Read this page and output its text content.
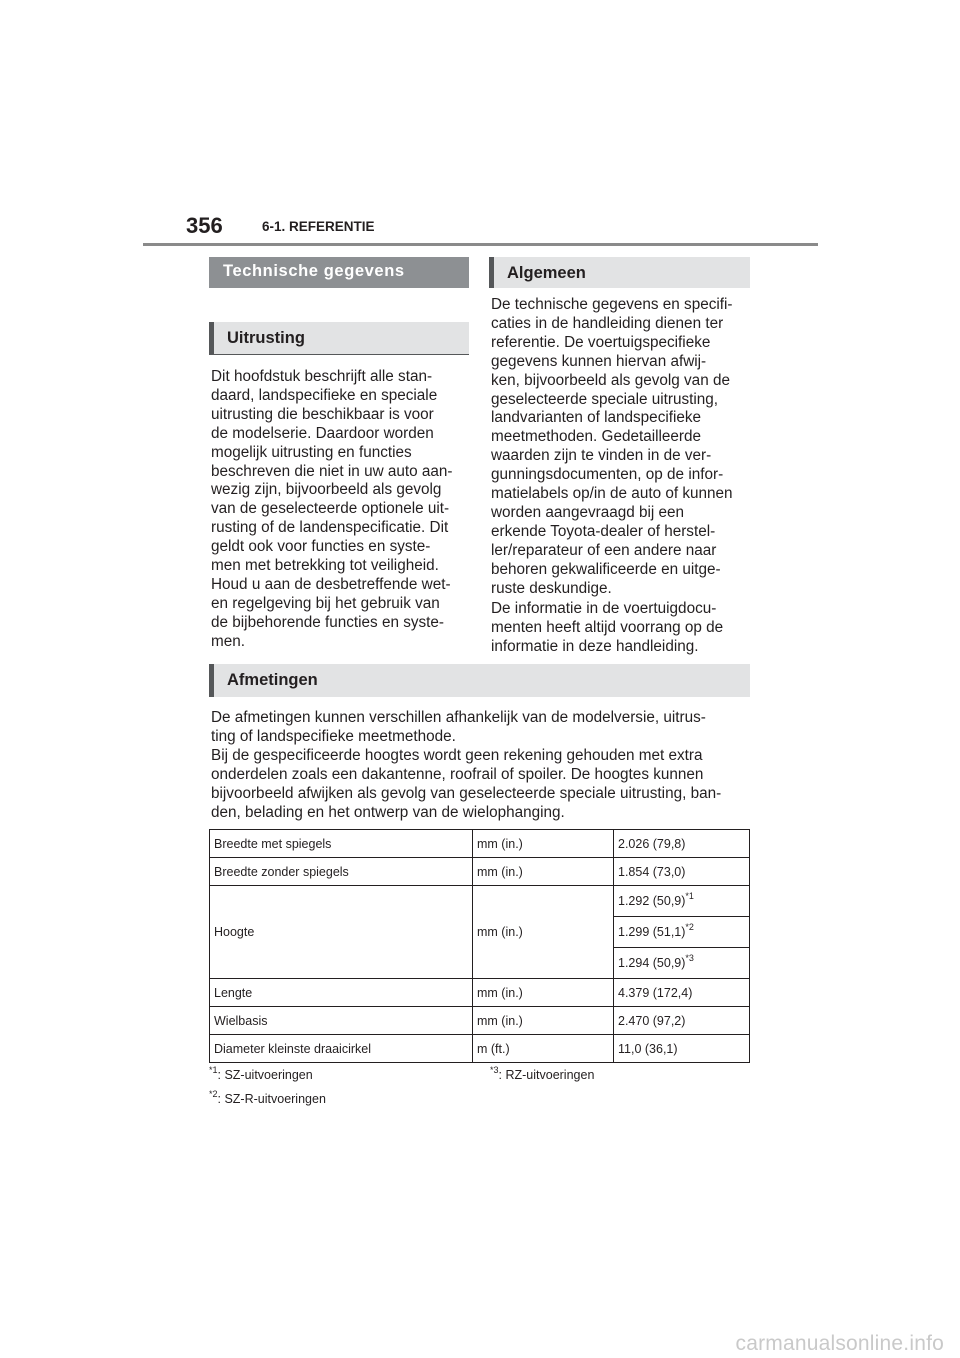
356	6-1. REFERENTIE
Technische gegevens
Uitrusting

Dit hoofdstuk beschrijft alle stan-
daard, landspecifieke en speciale
uitrusting die beschikbaar is voor
de modelserie. Daardoor worden
mogelijk uitrusting en functies
beschreven die niet in uw auto aan-
wezig zijn, bijvoorbeeld als gevolg
van de geselecteerde optionele uit-
rusting of de landenspecificatie. Dit
geldt ook voor functies en syste-
men met betrekking tot veiligheid.
Houd u aan de desbetreffende wet-
en regelgeving bij het gebruik van
de bijbehorende functies en syste-
men.

Algemeen

De technische gegevens en specifi-
caties in de handleiding dienen ter
referentie. De voertuigspecifieke
gegevens kunnen hiervan afwij-
ken, bijvoorbeeld als gevolg van de
geselecteerde speciale uitrusting,
landvarianten of landspecifieke
meetmethoden. Gedetailleerde
waarden zijn te vinden in de ver-
gunningsdocumenten, op de infor-
matielabels op/in de auto of kunnen
worden aangevraagd bij een
erkende Toyota-dealer of herstel-
ler/reparateur of een andere naar
behoren gekwalificeerde en uitge-
ruste deskundige.

De informatie in de voertuigdocu-
menten heeft altijd voorrang op de
informatie in deze handleiding.

Afmetingen

De afmetingen kunnen verschillen afhankelijk van de modelversie, uitrus-
ting of landspecifieke meetmethode.

Bij de gespecificeerde hoogtes wordt geen rekening gehouden met extra
onderdelen zoals een dakantenne, roofrail of spoiler. De hoogtes kunnen
bijvoorbeeld afwijken als gevolg van geselecteerde speciale uitrusting, ban-
den, belading en het ontwerp van de wielophanging.

Breedte met spiegels	mm (in.)	2.026 (79,8)
Breedte zonder spiegels	mm (in.)	1.854 (73,0)
Hoogte	mm (in.)	1.292 $(50,9)^{*1}$
		1.299 $(51,1)^{*2}$
		1.294 $(50,9)^{*3}$
Lengte	mm (in.)	4.379 (172,4)
Wielbasis	mm (in.)	2.470 (97,2)
Diameter kleinste draaicirkel	m (ft.)	11,0 (36,1)
$^{*1}$: SZ-uitvoeringen
$^{*2}$: SZ-R-uitvoeringen
$^{*3}$: RZ-uitvoeringen
carmanualsonline.info
